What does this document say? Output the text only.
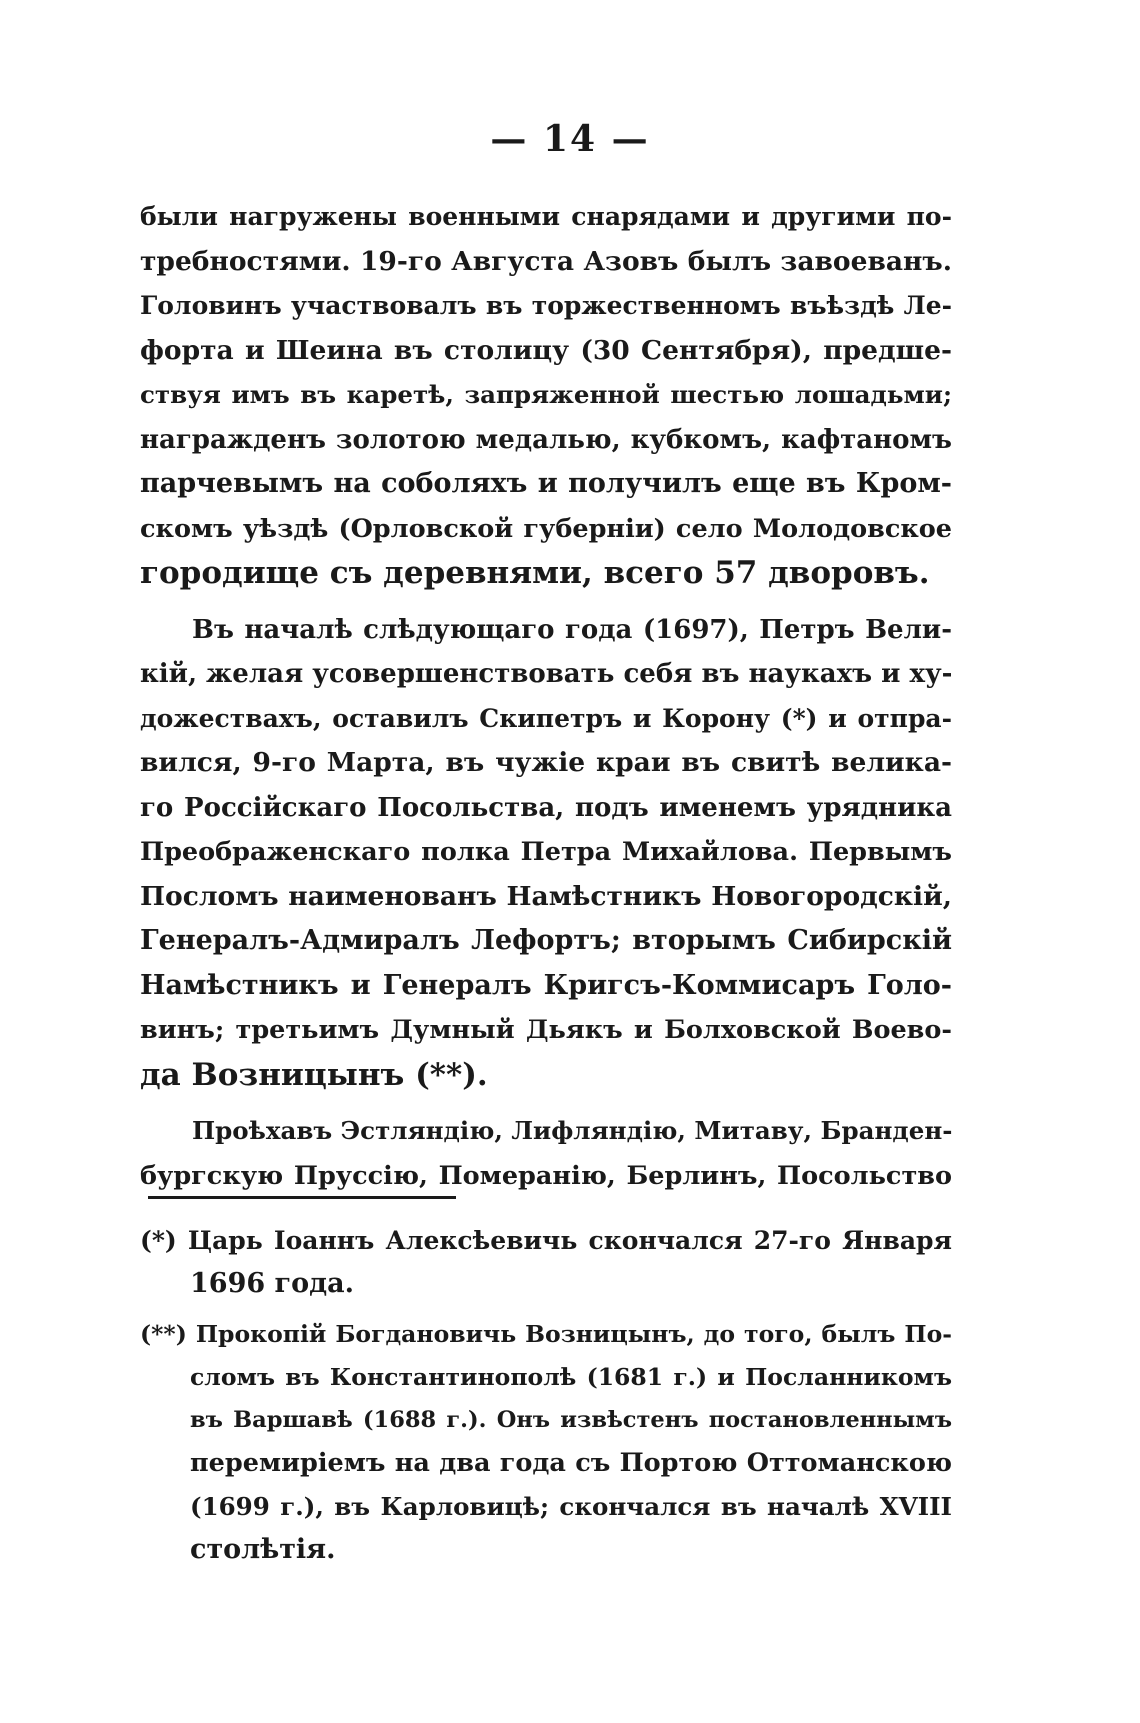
— 14 —
были нагружены военными снарядами и другими по-
требностями. 19-го Августа Азовъ былъ завоеванъ.
Головинъ участвовалъ въ торжественномъ въѣздѣ Ле-
форта и Шеина въ столицу (30 Сентября), предше-
ствуя имъ въ каретѣ, запряженной шестью лошадьми;
награжденъ золотою медалью, кубкомъ, кафтаномъ
парчевымъ на соболяхъ и получилъ еще въ Кром-
скомъ уѣздѣ (Орловской губерніи) село Молодовское
городище съ деревнями, всего 57 дворовъ.
Въ началѣ слѣдующаго года (1697), Петръ Вели-
кій, желая усовершенствовать себя въ наукахъ и ху-
дожествахъ, оставилъ Скипетръ и Корону (*) и отпра-
вился, 9-го Марта, въ чужіе краи въ свитѣ велика-
го Россійскаго Посольства, подъ именемъ урядника
Преображенскаго полка Петра Михайлова. Первымъ
Посломъ наименованъ Намѣстникъ Новогородскій,
Генералъ-Адмиралъ Лефортъ; вторымъ Сибирскій
Намѣстникъ и Генералъ Кригсъ-Коммисаръ Голо-
винъ; третьимъ Думный Дьякъ и Болховской Воево-
да Возницынъ (**).
Проѣхавъ Эстляндію, Лифляндію, Митаву, Бранден-
бургскую Пруссію, Померанію, Берлинъ, Посольство
(*) Царь Іоаннъ Алексѣевичь скончался 27-го Января
1696 года.
(**) Прокопій Богдановичь Возницынъ, до того, былъ По-
сломъ въ Константинополѣ (1681 г.) и Посланникомъ
въ Варшавѣ (1688 г.). Онъ извѣстенъ постановленнымъ
перемиріемъ на два года съ Портою Оттоманскою
(1699 г.), въ Карловицѣ; скончался въ началѣ XVIII
столѣтія.
